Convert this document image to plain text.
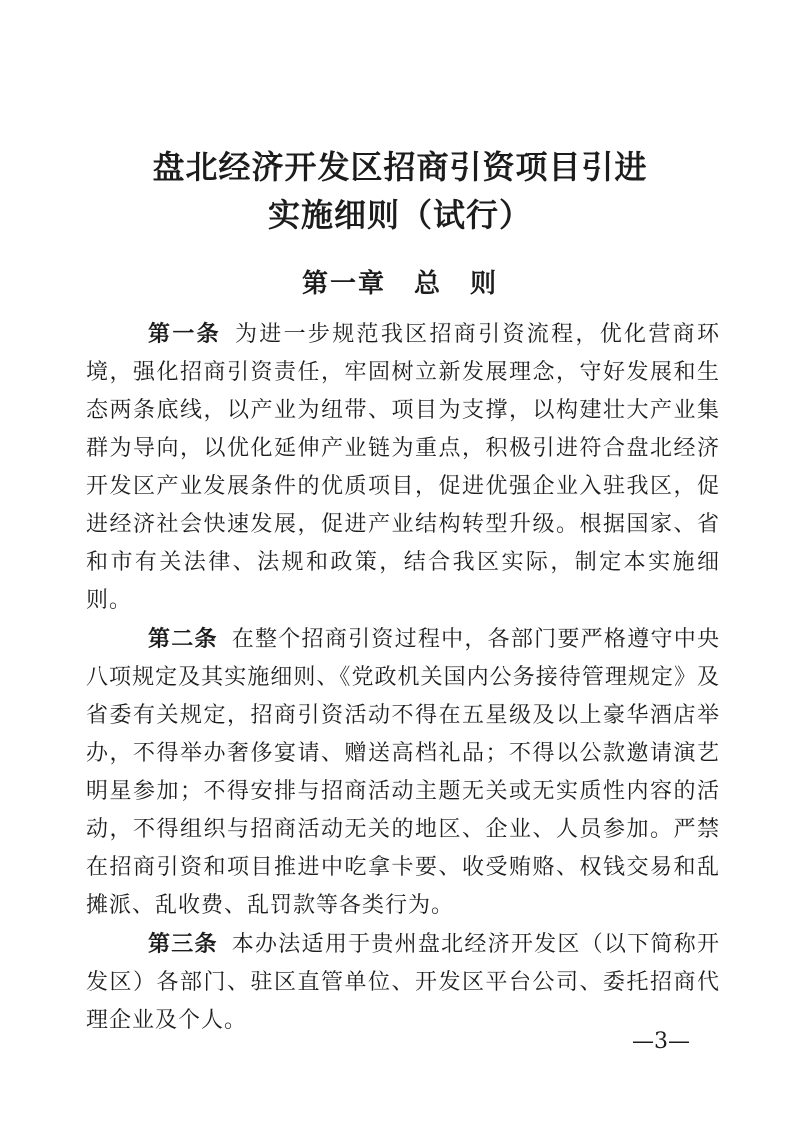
盘北经济开发区招商引资项目引进
实施细则（试行）
第一章　总　则

第一条 为进一步规范我区招商引资流程，优化营商环境，强化招商引资责任，牢固树立新发展理念，守好发展和生态两条底线，以产业为纽带、项目为支撑，以构建壮大产业集群为导向，以优化延伸产业链为重点，积极引进符合盘北经济开发区产业发展条件的优质项目，促进优强企业入驻我区，促进经济社会快速发展，促进产业结构转型升级。根据国家、省和市有关法律、法规和政策，结合我区实际，制定本实施细则。

第二条 在整个招商引资过程中，各部门要严格遵守中央八项规定及其实施细则、《党政机关国内公务接待管理规定》及省委有关规定，招商引资活动不得在五星级及以上豪华酒店举办，不得举办奢侈宴请、赠送高档礼品；不得以公款邀请演艺明星参加；不得安排与招商活动主题无关或无实质性内容的活动，不得组织与招商活动无关的地区、企业、人员参加。严禁在招商引资和项目推进中吃拿卡要、收受贿赂、权钱交易和乱摊派、乱收费、乱罚款等各类行为。

第三条 本办法适用于贵州盘北经济开发区（以下简称开发区）各部门、驻区直管单位、开发区平台公司、委托招商代理企业及个人。

—3—
